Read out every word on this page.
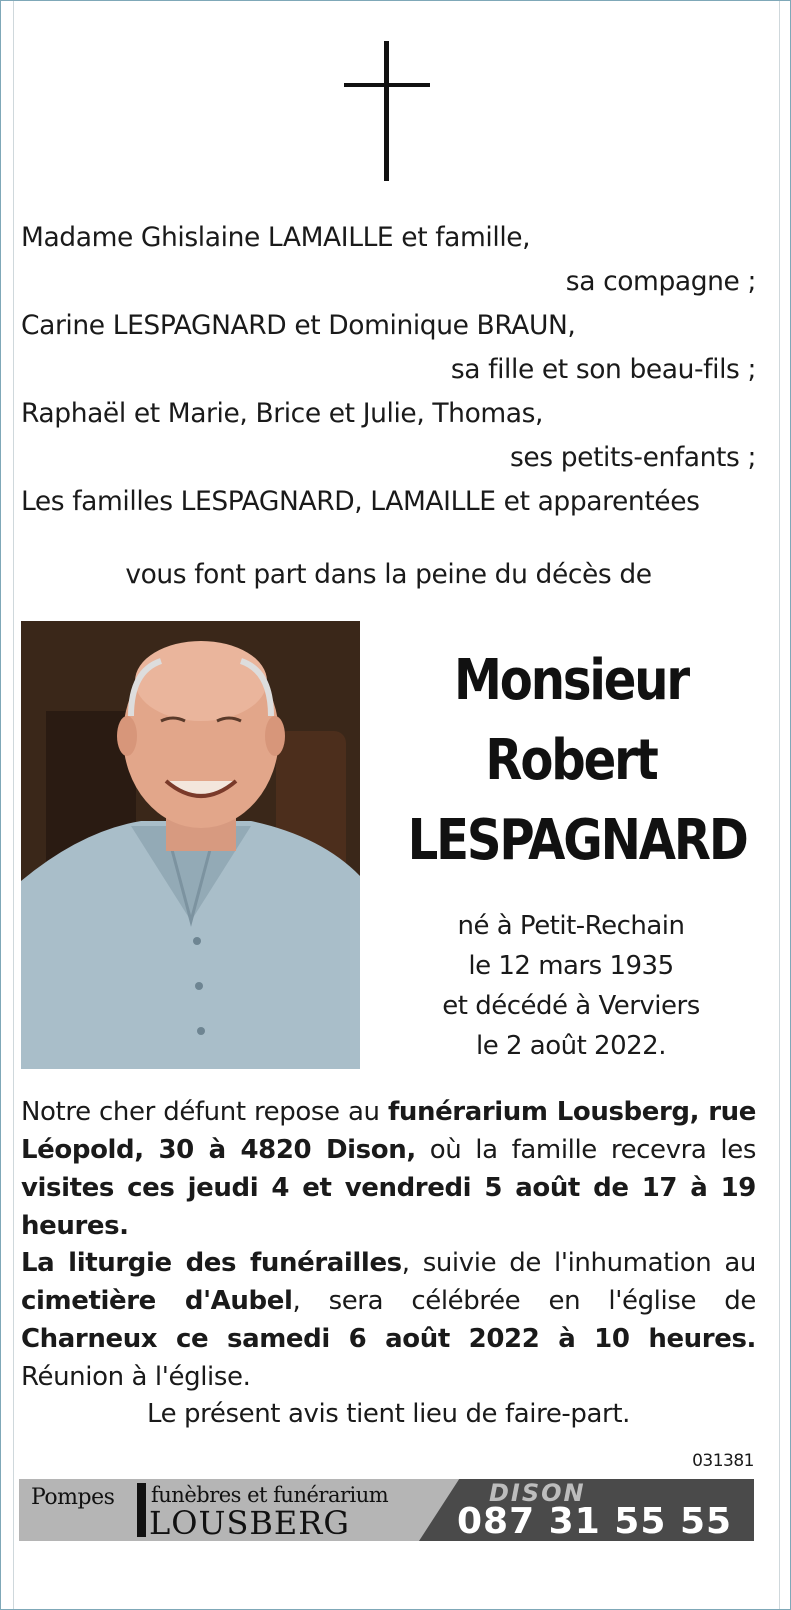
Madame Ghislaine LAMAILLE et famille,
sa compagne ;
Carine LESPAGNARD et Dominique BRAUN,
sa fille et son beau-fils ;
Raphaël et Marie, Brice et Julie, Thomas,
ses petits-enfants ;
Les familles LESPAGNARD, LAMAILLE et apparentées
vous font part dans la peine du décès de
Monsieur
Robert
LESPAGNARD
né à Petit-Rechain
le 12 mars 1935
et décédé à Verviers
le 2 août 2022.
Notre cher défunt repose au funérarium Lousberg, rue Léopold, 30 à 4820 Dison, où la famille recevra les visites ces jeudi 4 et vendredi 5 août de 17 à 19 heures.
La liturgie des funérailles, suivie de l'inhumation au cimetière d'Aubel, sera célébrée en l'église de Charneux ce samedi 6 août 2022 à 10 heures. Réunion à l'église.
Le présent avis tient lieu de faire-part.
031381
Pompes funèbres et funérarium
LOUSBERG
DISON
087 31 55 55
